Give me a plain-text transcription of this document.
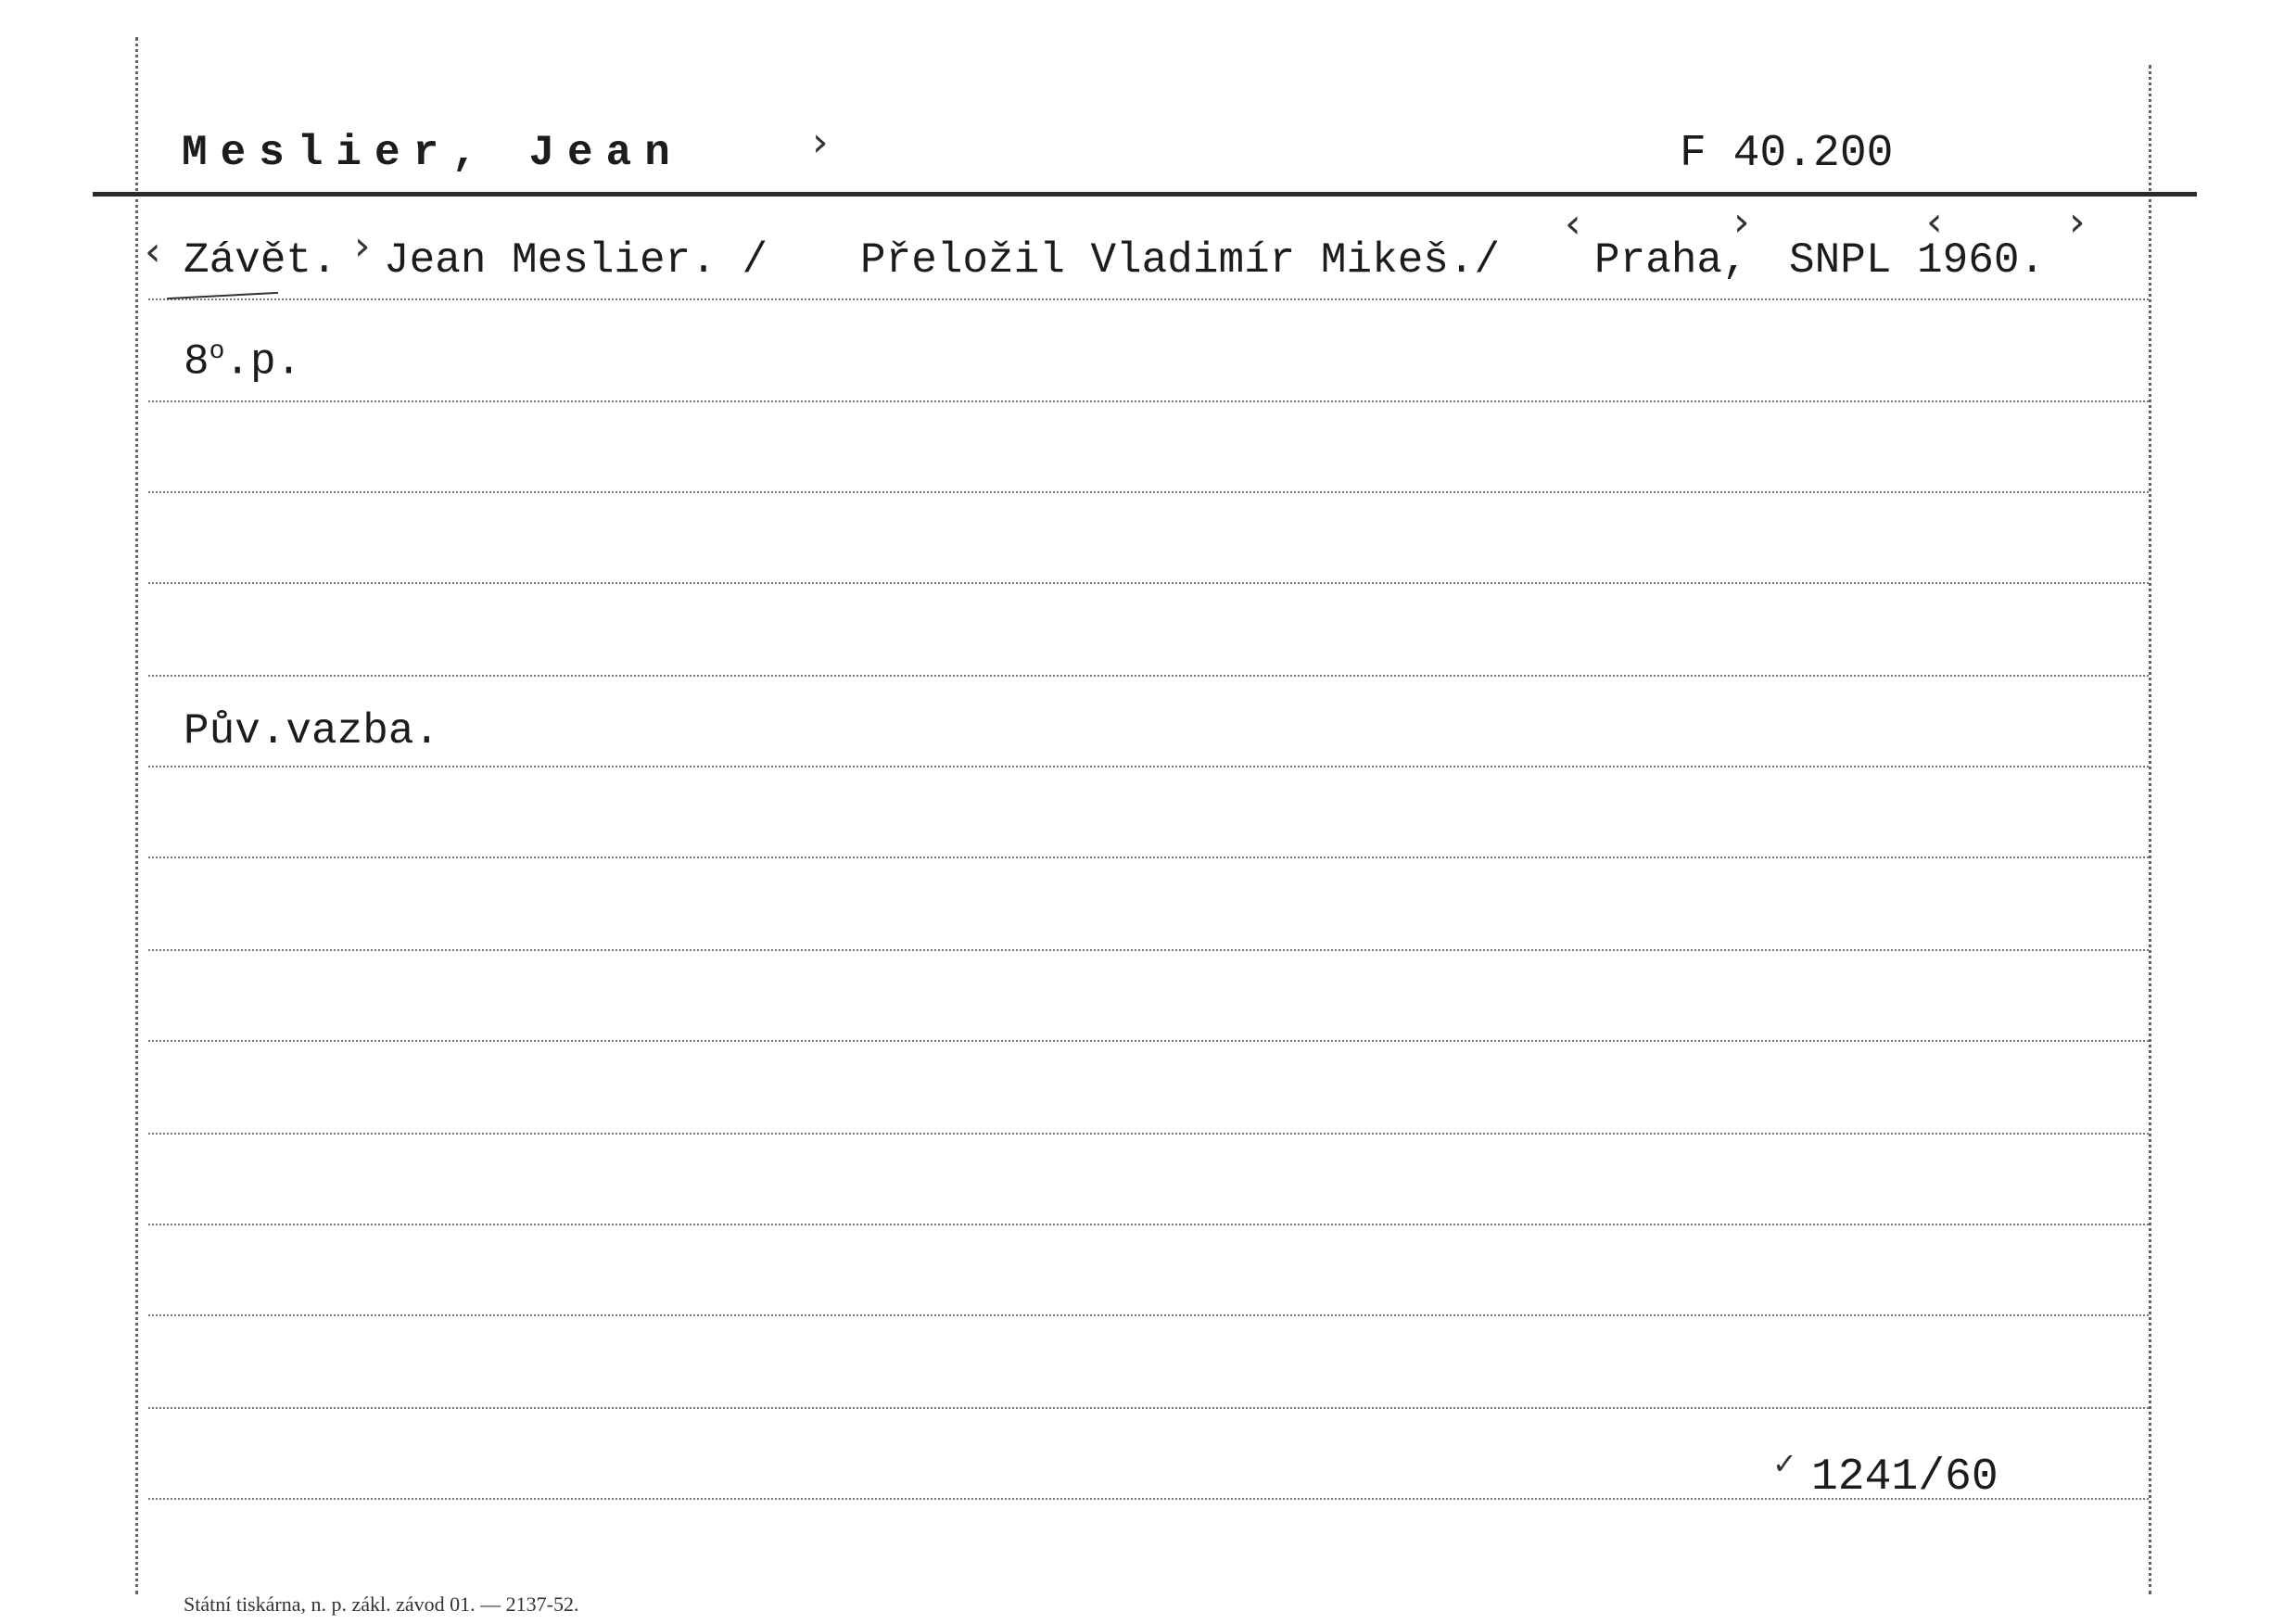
Meslier, Jean	›	F 40.200
‹ Závět. › Jean Meslier. / Přeložil Vladimír Mikeš./
‹
Praha,
›
SNPL 1960.
‹	›
8$^o$.p.
Pův.vazba.
✓ 1241/60
Státní tiskárna, n. p. zákl. závod 01. — 2137-52.
